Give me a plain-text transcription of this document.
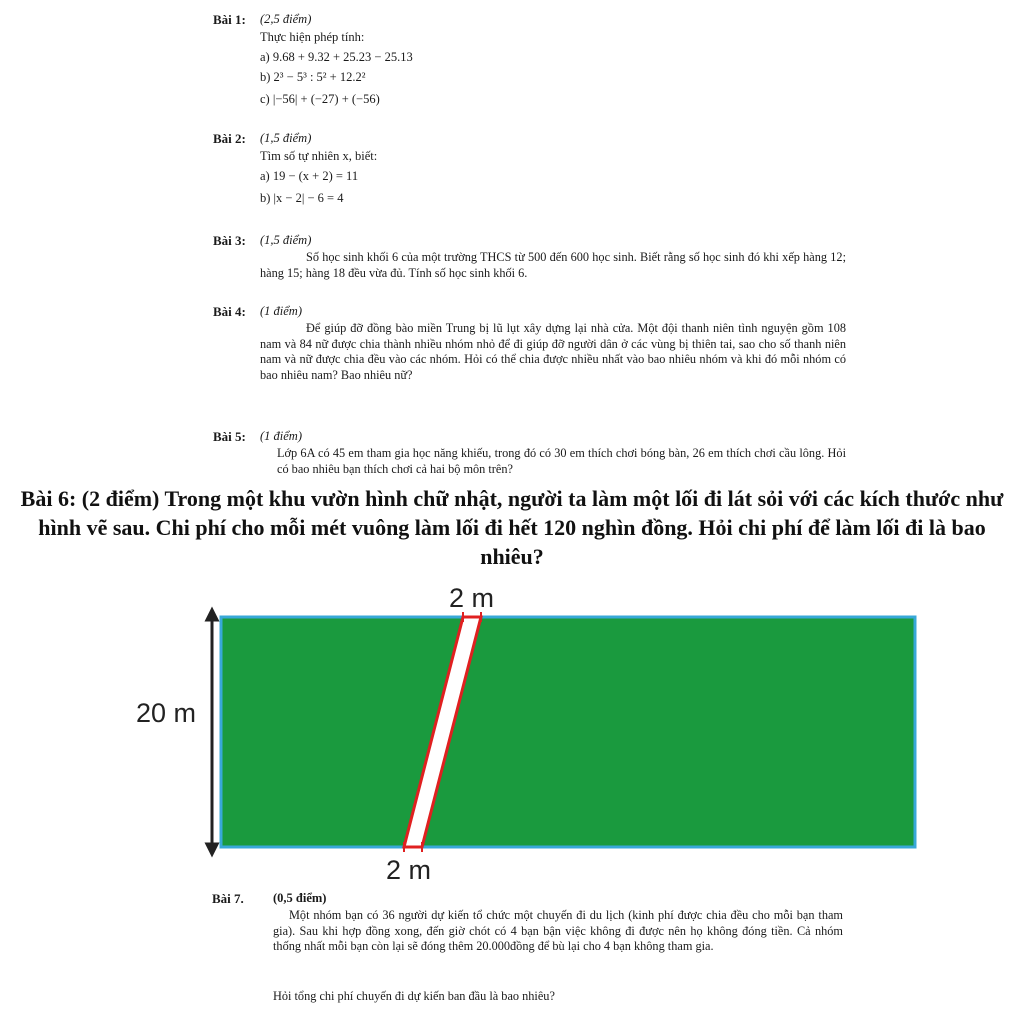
Bài 1: (2,5 điểm)
Thực hiện phép tính:
a) 9.68 + 9.32 + 25.23 − 25.13
b) 2³ − 5³ : 5² + 12.2²
c) |−56| + (−27) + (−56)
Bài 2: (1,5 điểm)
Tìm số tự nhiên x, biết:
a) 19 − (x + 2) = 11
b) |x − 2| − 6 = 4
Bài 3: (1,5 điểm)
Số học sinh khối 6 của một trường THCS từ 500 đến 600 học sinh. Biết rằng số học sinh đó khi xếp hàng 12; hàng 15; hàng 18 đều vừa đủ. Tính số học sinh khối 6.
Bài 4: (1 điểm)
Để giúp đỡ đồng bào miền Trung bị lũ lụt xây dựng lại nhà cửa. Một đội thanh niên tình nguyện gồm 108 nam và 84 nữ được chia thành nhiều nhóm nhỏ để đi giúp đỡ người dân ở các vùng bị thiên tai, sao cho số thanh niên nam và nữ được chia đều vào các nhóm. Hỏi có thể chia được nhiều nhất vào bao nhiêu nhóm và khi đó mỗi nhóm có bao nhiêu nam? Bao nhiêu nữ?
Bài 5: (1 điểm)
Lớp 6A có 45 em tham gia học năng khiếu, trong đó có 30 em thích chơi bóng bàn, 26 em thích chơi cầu lông. Hỏi có bao nhiêu bạn thích chơi cả hai bộ môn trên?
Bài 6: (2 điểm) Trong một khu vườn hình chữ nhật, người ta làm một lối đi lát sỏi với các kích thước như hình vẽ sau. Chi phí cho mỗi mét vuông làm lối đi hết 120 nghìn đồng. Hỏi chi phí để làm lối đi là bao nhiêu?
2 m
20 m
2 m
Bài 7. (0,5 điểm)
Một nhóm bạn có 36 người dự kiến tổ chức một chuyến đi du lịch (kinh phí được chia đều cho mỗi bạn tham gia). Sau khi hợp đồng xong, đến giờ chót có 4 bạn bận việc không đi được nên họ không đóng tiền. Cả nhóm thống nhất mỗi bạn còn lại sẽ đóng thêm 20.000đồng để bù lại cho 4 bạn không tham gia.
Hỏi tổng chi phí chuyến đi dự kiến ban đầu là bao nhiêu?
